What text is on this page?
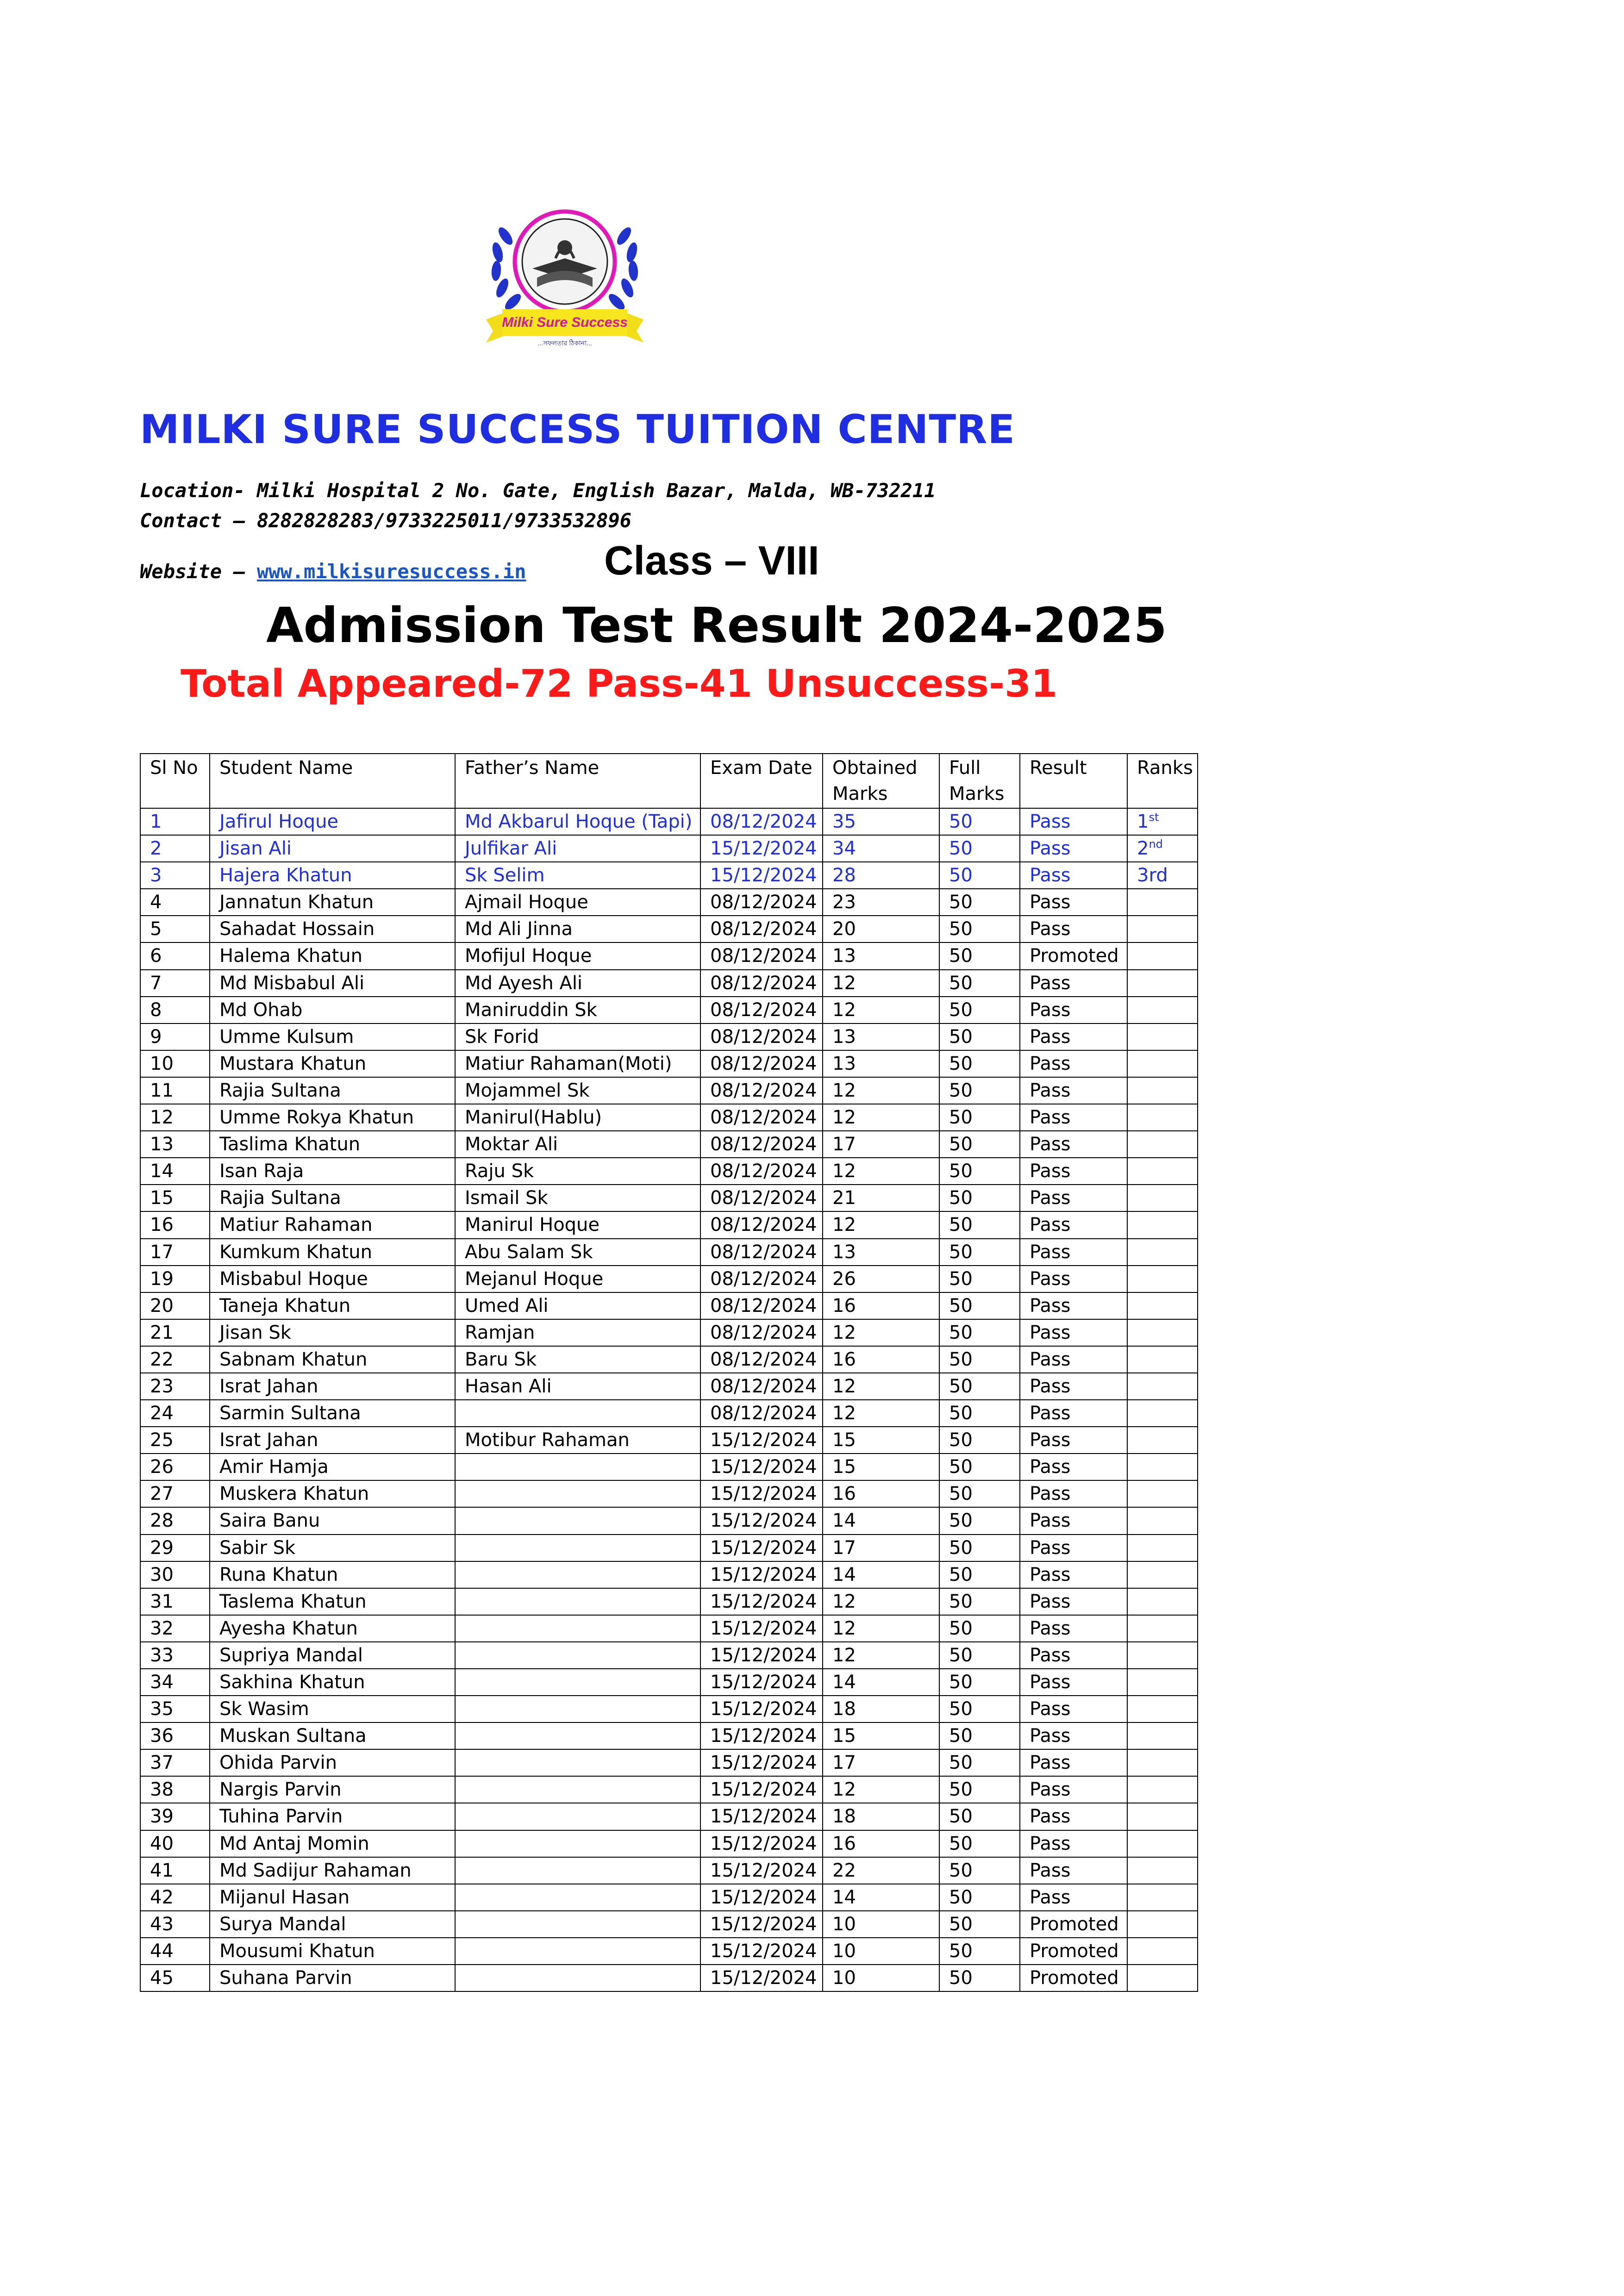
Milki Sure Success
...সফলতার ঠিকানা...
MILKI SURE SUCCESS TUITION CENTRE
Location- Milki Hospital 2 No. Gate, English Bazar, Malda, WB-732211
Contact – 8282828283/9733225011/9733532896
Website – www.milkisuresuccess.in Class – VIII
Admission Test Result 2024-2025
Total Appeared-72 Pass-41 Unsuccess-31
Sl No	Student Name	Father’s Name	Exam Date	Obtained Marks	Full Marks	Result	Ranks
1	Jafirul Hoque	Md Akbarul Hoque (Tapi)	08/12/2024	35	50	Pass	1st
2	Jisan Ali	Julfikar Ali	15/12/2024	34	50	Pass	2nd
3	Hajera Khatun	Sk Selim	15/12/2024	28	50	Pass	3rd
4	Jannatun Khatun	Ajmail Hoque	08/12/2024	23	50	Pass	
5	Sahadat Hossain	Md Ali Jinna	08/12/2024	20	50	Pass	
6	Halema Khatun	Mofijul Hoque	08/12/2024	13	50	Promoted	
7	Md Misbabul Ali	Md Ayesh Ali	08/12/2024	12	50	Pass	
8	Md Ohab	Maniruddin Sk	08/12/2024	12	50	Pass	
9	Umme Kulsum	Sk Forid	08/12/2024	13	50	Pass	
10	Mustara Khatun	Matiur Rahaman(Moti)	08/12/2024	13	50	Pass	
11	Rajia Sultana	Mojammel Sk	08/12/2024	12	50	Pass	
12	Umme Rokya Khatun	Manirul(Hablu)	08/12/2024	12	50	Pass	
13	Taslima Khatun	Moktar Ali	08/12/2024	17	50	Pass	
14	Isan Raja	Raju Sk	08/12/2024	12	50	Pass	
15	Rajia Sultana	Ismail Sk	08/12/2024	21	50	Pass	
16	Matiur Rahaman	Manirul Hoque	08/12/2024	12	50	Pass	
17	Kumkum Khatun	Abu Salam Sk	08/12/2024	13	50	Pass	
19	Misbabul Hoque	Mejanul Hoque	08/12/2024	26	50	Pass	
20	Taneja Khatun	Umed Ali	08/12/2024	16	50	Pass	
21	Jisan Sk	Ramjan	08/12/2024	12	50	Pass	
22	Sabnam Khatun	Baru Sk	08/12/2024	16	50	Pass	
23	Israt Jahan	Hasan Ali	08/12/2024	12	50	Pass	
24	Sarmin Sultana		08/12/2024	12	50	Pass	
25	Israt Jahan	Motibur Rahaman	15/12/2024	15	50	Pass	
26	Amir Hamja		15/12/2024	15	50	Pass	
27	Muskera Khatun		15/12/2024	16	50	Pass	
28	Saira Banu		15/12/2024	14	50	Pass	
29	Sabir Sk		15/12/2024	17	50	Pass	
30	Runa Khatun		15/12/2024	14	50	Pass	
31	Taslema Khatun		15/12/2024	12	50	Pass	
32	Ayesha Khatun		15/12/2024	12	50	Pass	
33	Supriya Mandal		15/12/2024	12	50	Pass	
34	Sakhina Khatun		15/12/2024	14	50	Pass	
35	Sk Wasim		15/12/2024	18	50	Pass	
36	Muskan Sultana		15/12/2024	15	50	Pass	
37	Ohida Parvin		15/12/2024	17	50	Pass	
38	Nargis Parvin		15/12/2024	12	50	Pass	
39	Tuhina Parvin		15/12/2024	18	50	Pass	
40	Md Antaj Momin		15/12/2024	16	50	Pass	
41	Md Sadijur Rahaman		15/12/2024	22	50	Pass	
42	Mijanul Hasan		15/12/2024	14	50	Pass	
43	Surya Mandal		15/12/2024	10	50	Promoted	
44	Mousumi Khatun		15/12/2024	10	50	Promoted	
45	Suhana Parvin		15/12/2024	10	50	Promoted	
